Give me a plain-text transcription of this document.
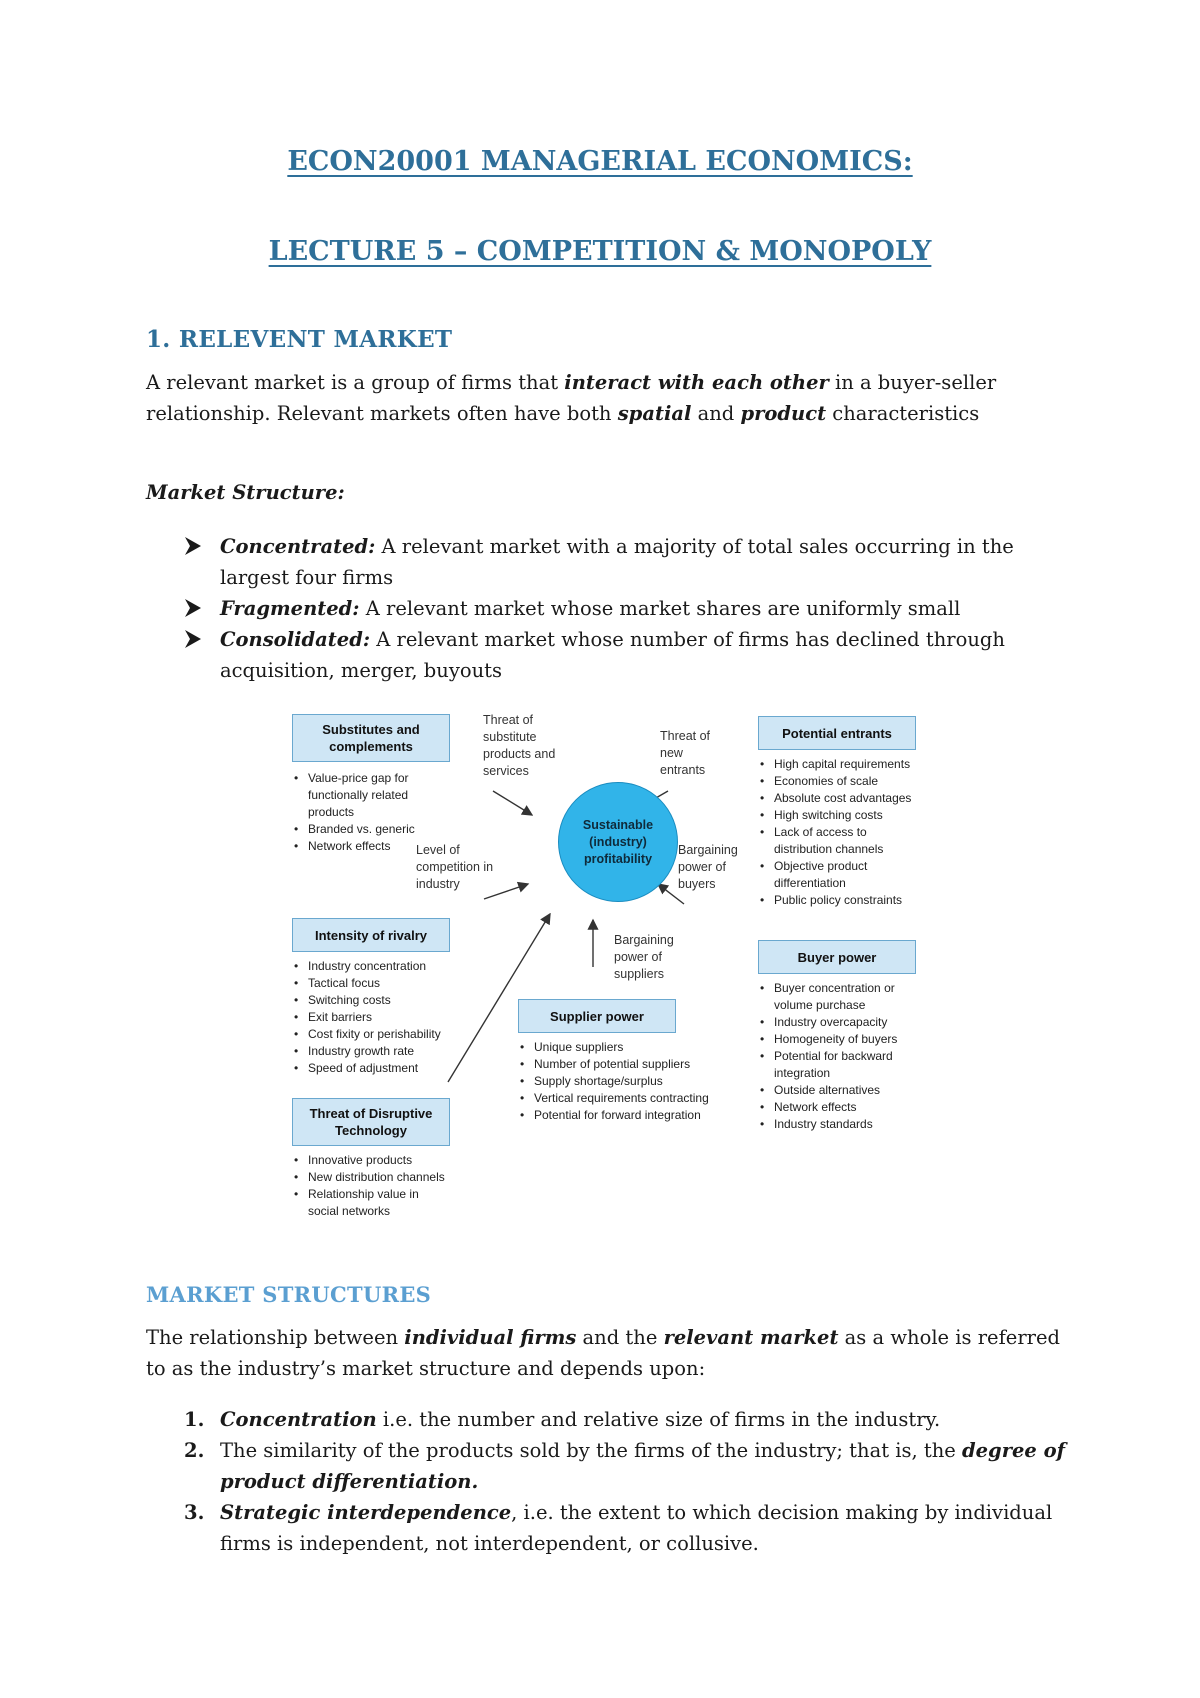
ECON20001 MANAGERIAL ECONOMICS:
LECTURE 5 – COMPETITION & MONOPOLY
1. RELEVENT MARKET

A relevant market is a group of firms that interact with each other in a buyer-seller relationship. Relevant markets often have both spatial and product characteristics

Market Structure:

Concentrated: A relevant market with a majority of total sales occurring in the largest four firms
Fragmented: A relevant market whose market shares are uniformly small
Consolidated: A relevant market whose number of firms has declined through acquisition, merger, buyouts
Substitutes and complements
• Value-price gap for functionally related products
• Branded vs. generic
• Network effects
Threat of substitute products and services
Threat of new entrants
Level of competition in industry
Bargaining power of buyers
Bargaining power of suppliers
Sustainable (industry) profitability
Potential entrants
• High capital requirements
• Economies of scale
• Absolute cost advantages
• High switching costs
• Lack of access to distribution channels
• Objective product differentiation
• Public policy constraints
Intensity of rivalry
• Industry concentration
• Tactical focus
• Switching costs
• Exit barriers
• Cost fixity or perishability
• Industry growth rate
• Speed of adjustment
Buyer power
• Buyer concentration or volume purchase
• Industry overcapacity
• Homogeneity of buyers
• Potential for backward integration
• Outside alternatives
• Network effects
• Industry standards
Supplier power
• Unique suppliers
• Number of potential suppliers
• Supply shortage/surplus
• Vertical requirements contracting
• Potential for forward integration
Threat of Disruptive Technology
• Innovative products
• New distribution channels
• Relationship value in social networks
MARKET STRUCTURES

The relationship between individual firms and the relevant market as a whole is referred to as the industry’s market structure and depends upon:

1. Concentration i.e. the number and relative size of firms in the industry.
2. The similarity of the products sold by the firms of the industry; that is, the degree of product differentiation.
3. Strategic interdependence, i.e. the extent to which decision making by individual firms is independent, not interdependent, or collusive.
